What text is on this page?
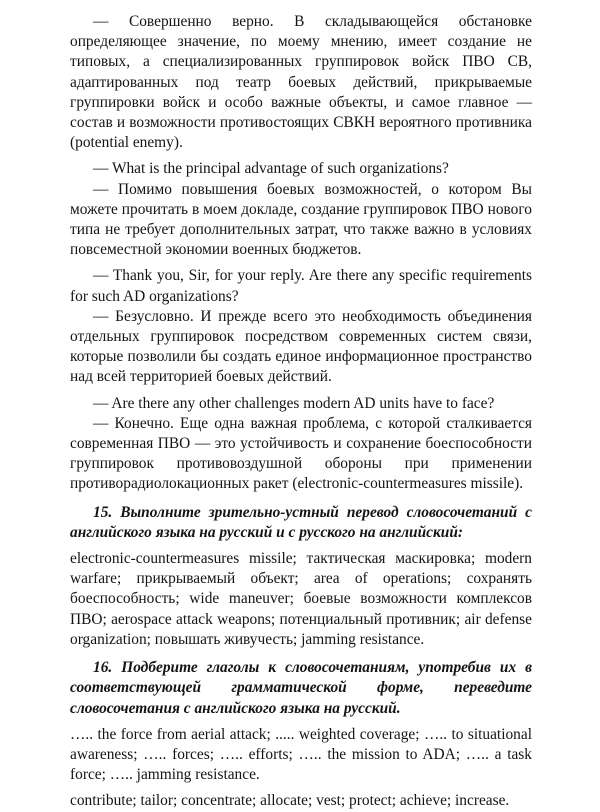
— Совершенно верно. В складывающейся обстановке определяющее значение, по моему мнению, имеет создание не типовых, а специализированных группировок войск ПВО СВ, адаптированных под театр боевых действий, прикрываемые группировки войск и особо важные объекты, и самое главное — состав и возможности противостоящих СВКН вероятного противника (potential enemy).

— What is the principal advantage of such organizations?

— Помимо повышения боевых возможностей, о котором Вы можете прочитать в моем докладе, создание группировок ПВО нового типа не требует дополнительных затрат, что также важно в условиях повсеместной экономии военных бюджетов.

— Thank you, Sir, for your reply. Are there any specific requirements for such AD organizations?

— Безусловно. И прежде всего это необходимость объединения отдельных группировок посредством современных систем связи, которые позволили бы создать единое информационное пространство над всей территорией боевых действий.

— Are there any other challenges modern AD units have to face?

— Конечно. Еще одна важная проблема, с которой сталкивается современная ПВО — это устойчивость и сохранение боеспособности группировок противовоздушной обороны при применении противорадиолокационных ракет (electronic-countermeasures missile).

15. Выполните зрительно-устный перевод словосочетаний с английского языка на русский и с русского на английский:

electronic-countermeasures missile; тактическая маскировка; modern warfare; прикрываемый объект; area of operations; сохранять боеспособность; wide maneuver; боевые возможности комплексов ПВО; aerospace attack weapons; потенциальный противник; air defense organization; повышать живучесть; jamming resistance.

16. Подберите глаголы к словосочетаниям, употребив их в соответствующей грамматической форме, переведите словосочетания с английского языка на русский.

….. the force from aerial attack; ..... weighted coverage; ….. to situational awareness; ….. forces; ….. efforts; ….. the mission to ADA; ….. a task force; ….. jamming resistance.

contribute; tailor; concentrate; allocate; vest; protect; achieve; increase.
